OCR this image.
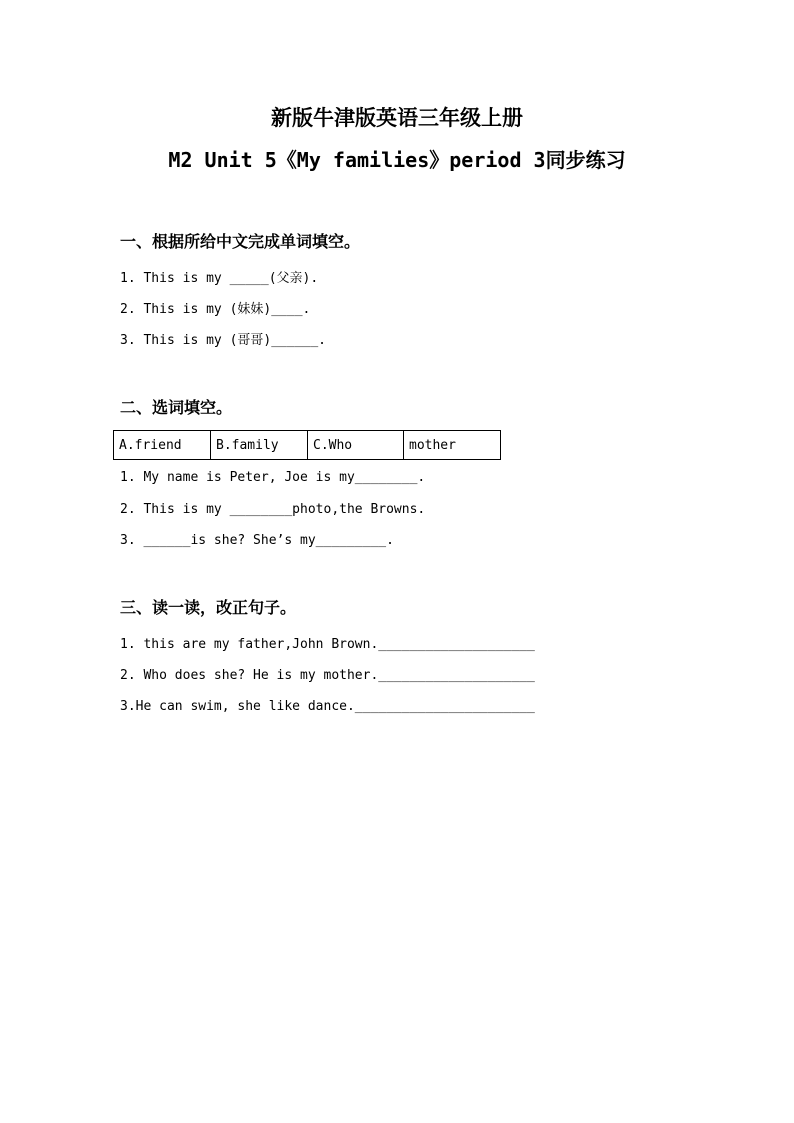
新版牛津版英语三年级上册
M2 Unit 5《My families》period 3同步练习
一、根据所给中文完成单词填空。
1. This is my _____(父亲).
2. This is my (妹妹)____.
3. This is my (哥哥)______.
二、选词填空。
A.friend	B.family	C.Who	mother
1. My name is Peter, Joe is my________.
2. This is my ________photo,the Browns.
3. ______is she? She’s my_________.
三、读一读，改正句子。
1. this are my father,John Brown.____________________
2. Who does she? He is my mother.____________________
3.He can swim, she like dance._______________________
